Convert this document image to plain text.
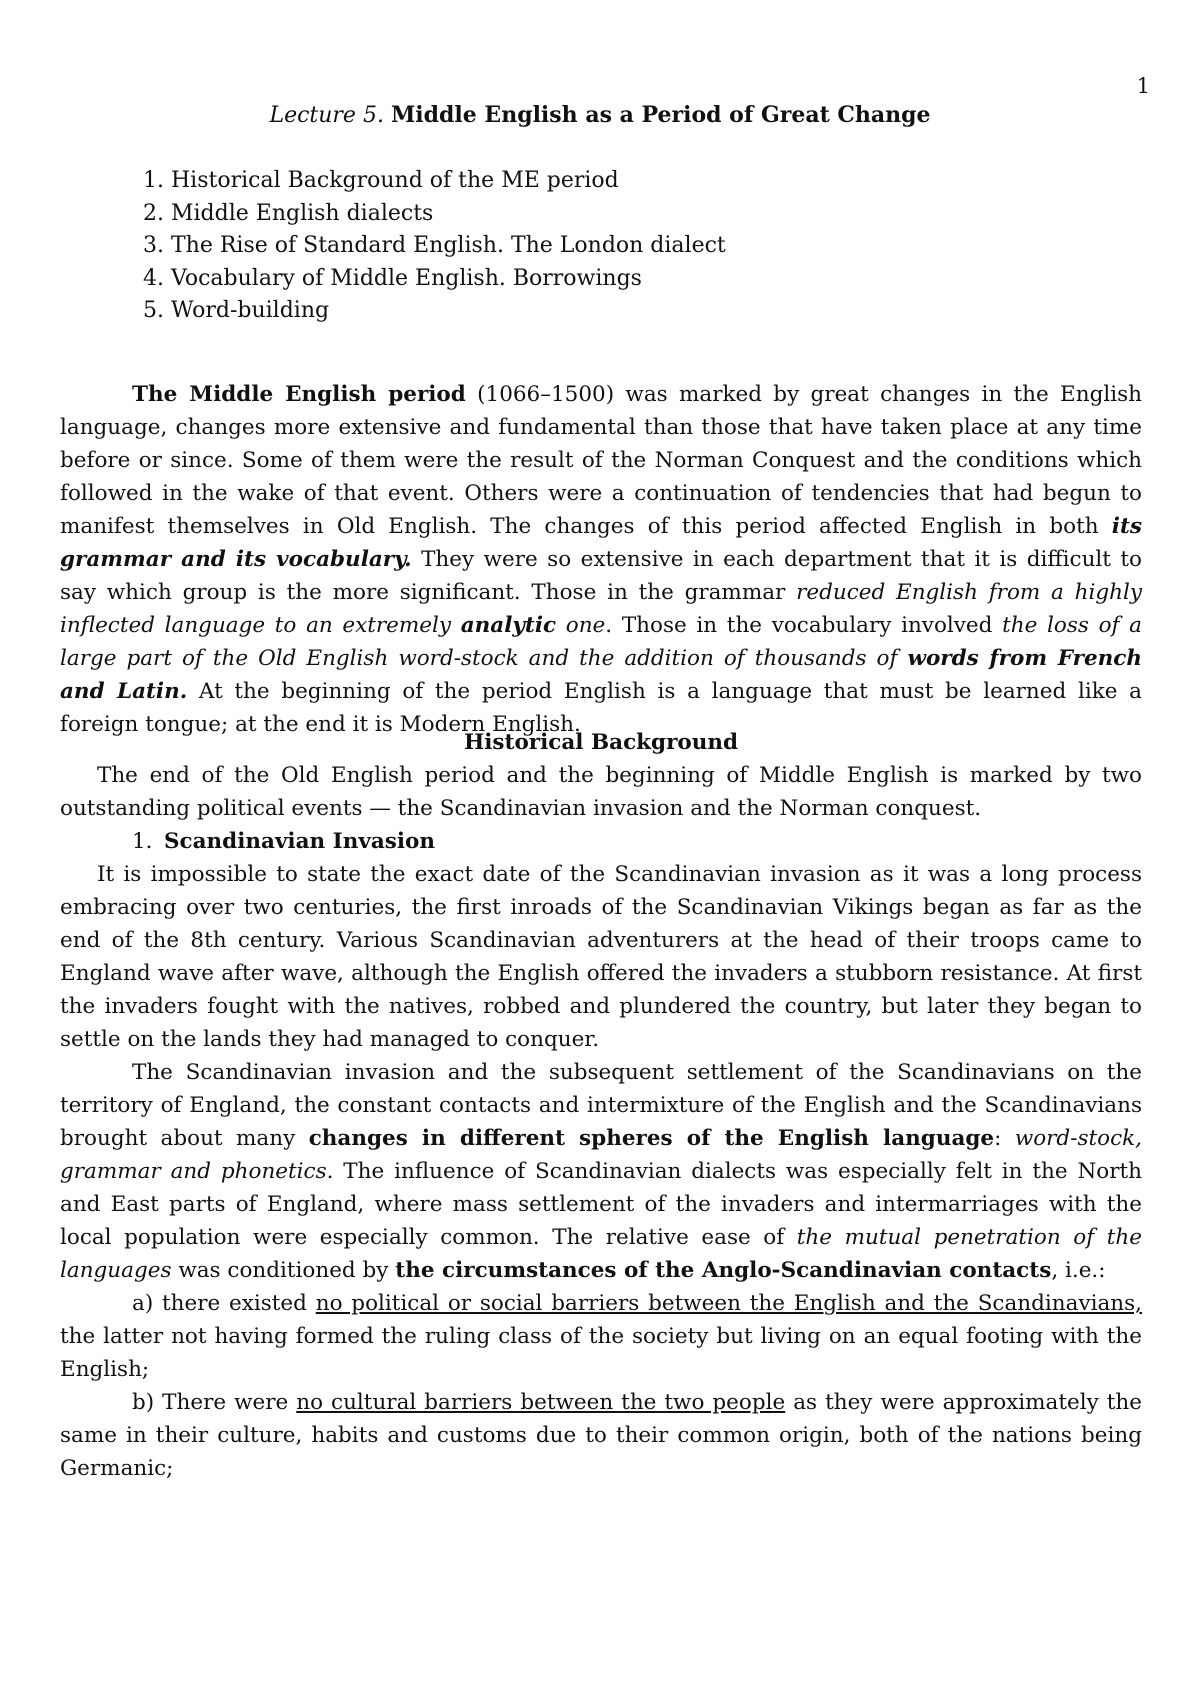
1
Lecture 5. Middle English as a Period of Great Change
1. Historical Background of the ME period
2. Middle English dialects
3. The Rise of Standard English. The London dialect
4. Vocabulary of Middle English. Borrowings
5. Word-building

The Middle English period (1066–1500) was marked by great changes in the English language, changes more extensive and fundamental than those that have taken place at any time before or since. Some of them were the result of the Norman Conquest and the conditions which followed in the wake of that event. Others were a continuation of tendencies that had begun to manifest themselves in Old English. The changes of this period affected English in both its grammar and its vocabulary. They were so extensive in each department that it is difficult to say which group is the more significant. Those in the grammar reduced English from a highly inflected language to an extremely analytic one. Those in the vocabulary involved the loss of a large part of the Old English word-stock and the addition of thousands of words from French and Latin. At the beginning of the period English is a language that must be learned like a foreign tongue; at the end it is Modern English.

Historical Background

The end of the Old English period and the beginning of Middle English is marked by two outstanding political events — the Scandinavian invasion and the Norman conquest.

1. Scandinavian Invasion

It is impossible to state the exact date of the Scandinavian invasion as it was a long process embracing over two centuries, the first inroads of the Scandinavian Vikings began as far as the end of the 8th century. Various Scandinavian adventurers at the head of their troops came to England wave after wave, although the English offered the invaders a stubborn resistance. At first the invaders fought with the natives, robbed and plundered the country, but later they began to settle on the lands they had managed to conquer.

The Scandinavian invasion and the subsequent settlement of the Scandinavians on the territory of England, the constant contacts and intermixture of the English and the Scandinavians brought about many changes in different spheres of the English language: word-stock, grammar and phonetics. The influence of Scandinavian dialects was especially felt in the North and East parts of England, where mass settlement of the invaders and intermarriages with the local population were especially common. The relative ease of the mutual penetration of the languages was conditioned by the circumstances of the Anglo-Scandinavian contacts, i.e.:

a) there existed no political or social barriers between the English and the Scandinavians, the latter not having formed the ruling class of the society but living on an equal footing with the English;

b) There were no cultural barriers between the two people as they were approximately the same in their culture, habits and customs due to their common origin, both of the nations being Germanic;
